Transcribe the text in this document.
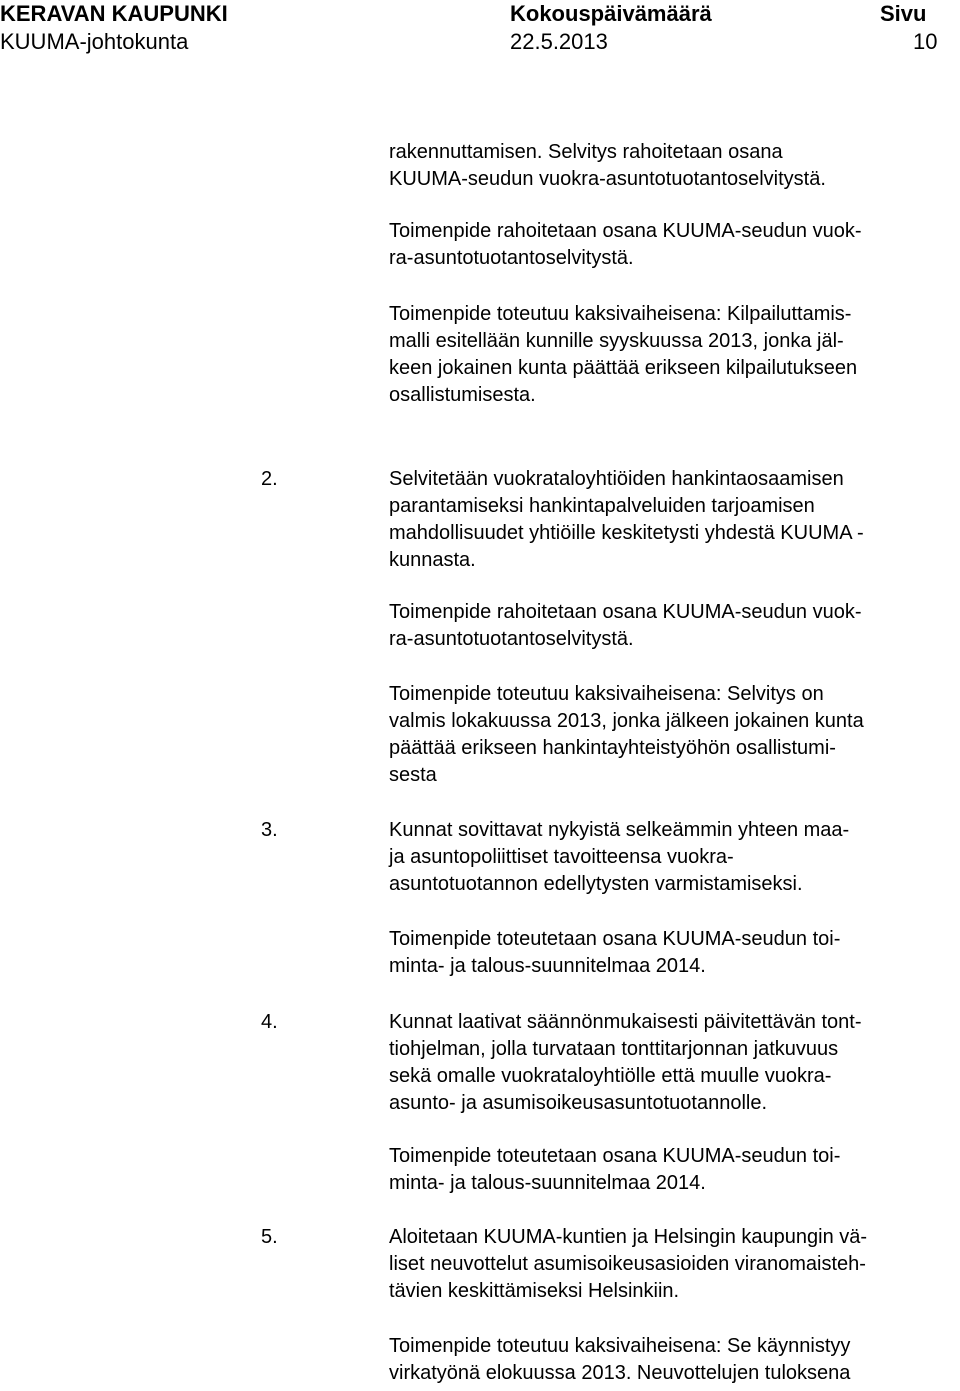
KERAVAN KAUPUNKI
KUUMA-johtokunta
Kokouspäivämäärä
22.5.2013
Sivu
10
rakennuttamisen. Selvitys rahoitetaan osana
KUUMA-seudun vuokra-asuntotuotantoselvitystä.
Toimenpide rahoitetaan osana KUUMA-seudun vuok-
ra-asuntotuotantoselvitystä.
Toimenpide toteutuu kaksivaiheisena: Kilpailuttamis-
malli esitellään kunnille syyskuussa 2013, jonka jäl-
keen jokainen kunta päättää erikseen kilpailutukseen
osallistumisesta.
2.	Selvitetään vuokrataloyhtiöiden hankintaosaamisen
parantamiseksi hankintapalveluiden tarjoamisen
mahdollisuudet yhtiöille keskitetysti yhdestä KUUMA -
kunnasta.
Toimenpide rahoitetaan osana KUUMA-seudun vuok-
ra-asuntotuotantoselvitystä.
Toimenpide toteutuu kaksivaiheisena: Selvitys on
valmis lokakuussa 2013, jonka jälkeen jokainen kunta
päättää erikseen hankintayhteistyöhön osallistumi-
sesta
3.	Kunnat sovittavat nykyistä selkeämmin yhteen maa-
ja asuntopoliittiset tavoitteensa vuokra-
asuntotuotannon edellytysten varmistamiseksi.
Toimenpide toteutetaan osana KUUMA-seudun toi-
minta- ja talous-suunnitelmaa 2014.
4.	Kunnat laativat säännönmukaisesti päivitettävän tont-
tiohjelman, jolla turvataan tonttitarjonnan jatkuvuus
sekä omalle vuokrataloyhtiölle että muulle vuokra-
asunto- ja asumisoikeusasuntotuotannolle.
Toimenpide toteutetaan osana KUUMA-seudun toi-
minta- ja talous-suunnitelmaa 2014.
5.	Aloitetaan KUUMA-kuntien ja Helsingin kaupungin vä-
liset neuvottelut asumisoikeusasioiden viranomaisteh-
tävien keskittämiseksi Helsinkiin.
Toimenpide toteutuu kaksivaiheisena: Se käynnistyy
virkatyönä elokuussa 2013. Neuvottelujen tuloksena
